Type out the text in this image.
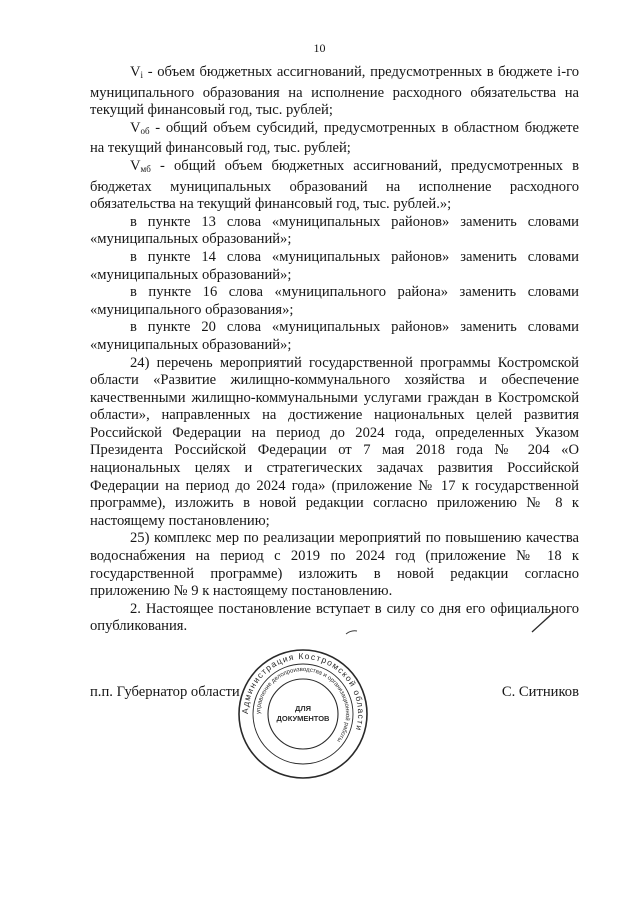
10

$V_i$ - объем бюджетных ассигнований, предусмотренных в бюджете i-го муниципального образования на исполнение расходного обязательства на текущий финансовый год, тыс. рублей;

$V_{об}$ - общий объем субсидий, предусмотренных в областном бюджете на текущий финансовый год, тыс. рублей;

$V_{мб}$ - общий объем бюджетных ассигнований, предусмотренных в бюджетах муниципальных образований на исполнение расходного обязательства на текущий финансовый год, тыс. рублей.»;

в пункте 13 слова «муниципальных районов» заменить словами «муниципальных образований»;

в пункте 14 слова «муниципальных районов» заменить словами «муниципальных образований»;

в пункте 16 слова «муниципального района» заменить словами «муниципального образования»;

в пункте 20 слова «муниципальных районов» заменить словами «муниципальных образований»;

24) перечень мероприятий государственной программы Костромской области «Развитие жилищно-коммунального хозяйства и обеспечение качественными жилищно-коммунальными услугами граждан в Костромской области», направленных на достижение национальных целей развития Российской Федерации на период до 2024 года, определенных Указом Президента Российской Федерации от 7 мая 2018 года № 204 «О национальных целях и стратегических задачах развития Российской Федерации на период до 2024 года» (приложение № 17 к государственной программе), изложить в новой редакции согласно приложению № 8 к настоящему постановлению;

25) комплекс мер по реализации мероприятий по повышению качества водоснабжения на период с 2019 по 2024 год (приложение № 18 к государственной программе) изложить в новой редакции согласно приложению № 9 к настоящему постановлению.

2. Настоящее постановление вступает в силу со дня его официального опубликования.

п.п. Губернатор области	С. Ситников
Администрация Костромской области
управление делопроизводства и организационной работы
ДЛЯ
ДОКУМЕНТОВ
